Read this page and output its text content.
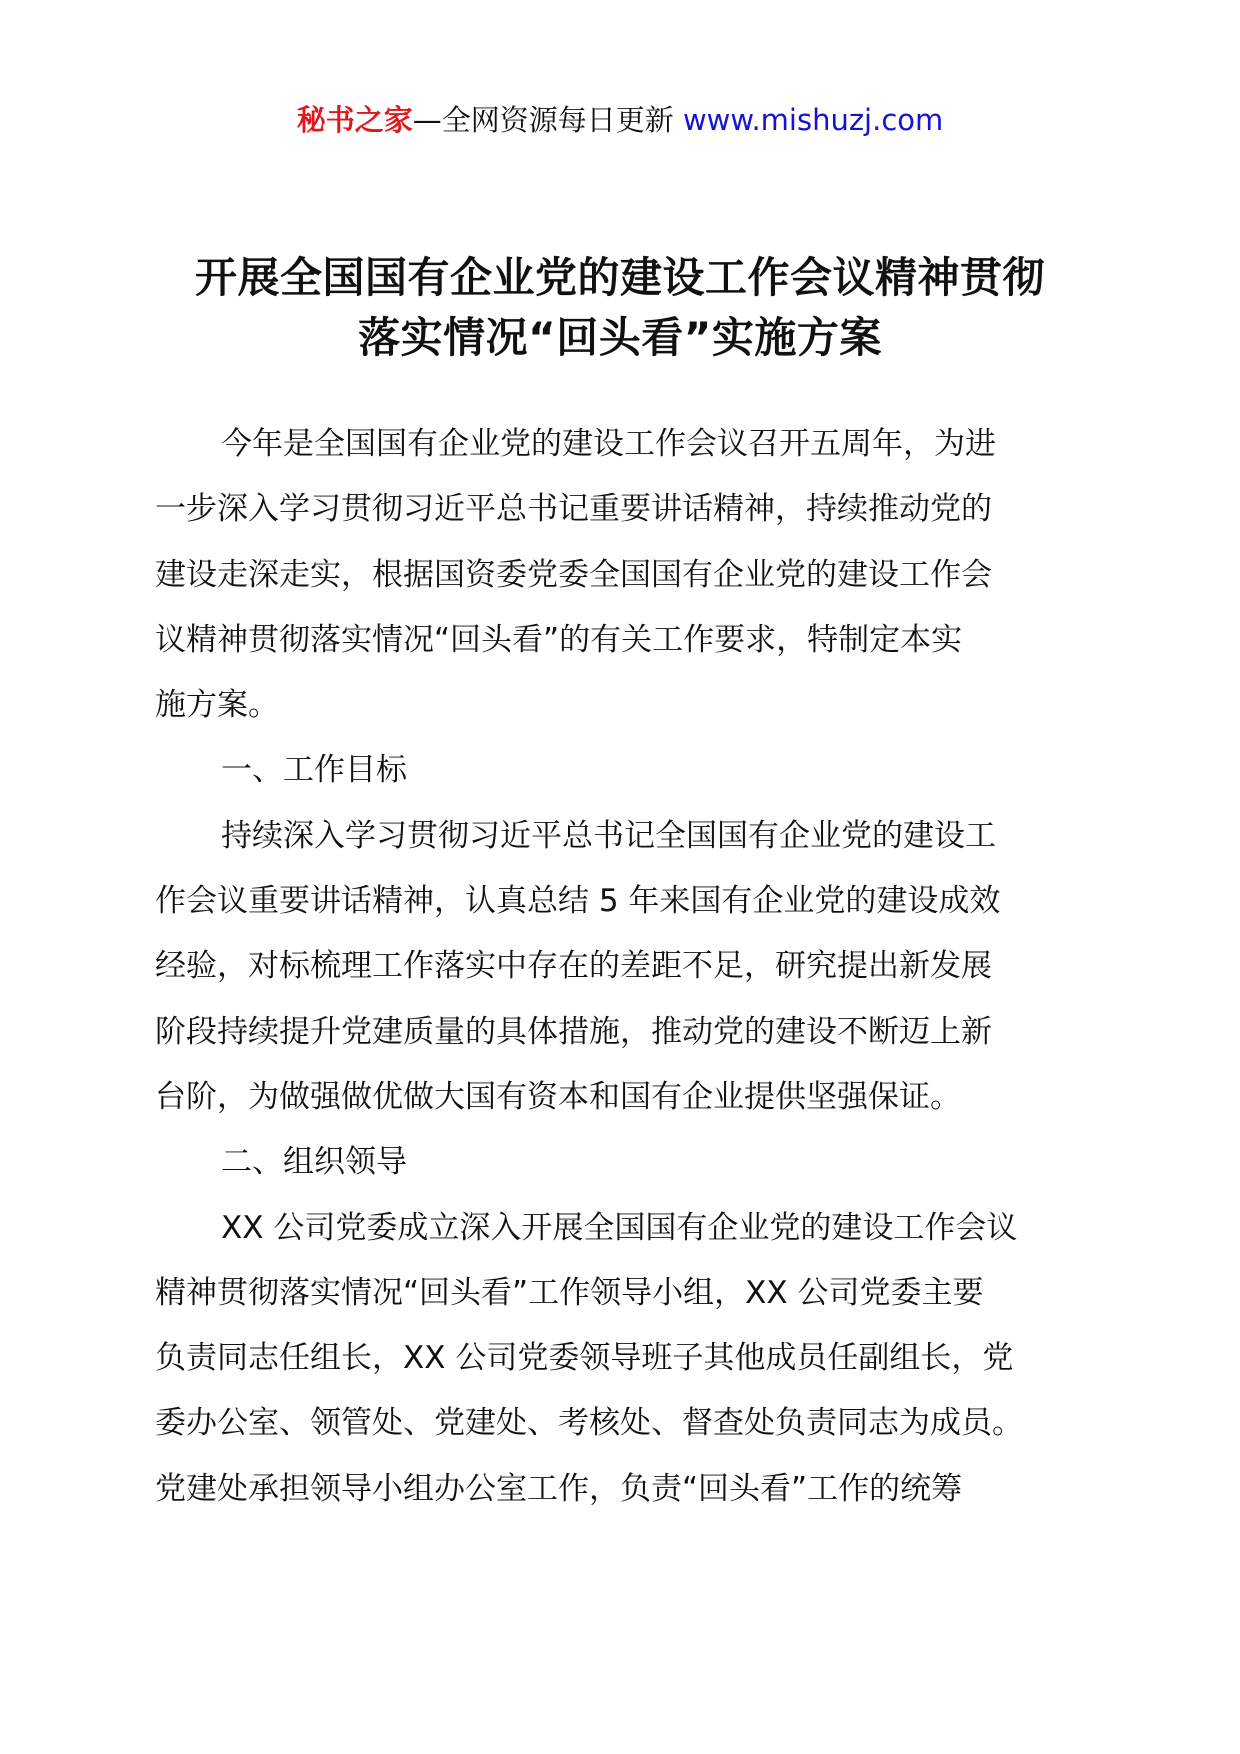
秘书之家—全网资源每日更新 www.mishuzj.com
开展全国国有企业党的建设工作会议精神贯彻
落实情况“回头看”实施方案
今年是全国国有企业党的建设工作会议召开五周年，为进
一步深入学习贯彻习近平总书记重要讲话精神，持续推动党的
建设走深走实，根据国资委党委全国国有企业党的建设工作会
议精神贯彻落实情况“回头看”的有关工作要求，特制定本实
施方案。
一、工作目标
持续深入学习贯彻习近平总书记全国国有企业党的建设工
作会议重要讲话精神，认真总结 5 年来国有企业党的建设成效
经验，对标梳理工作落实中存在的差距不足，研究提出新发展
阶段持续提升党建质量的具体措施，推动党的建设不断迈上新
台阶，为做强做优做大国有资本和国有企业提供坚强保证。
二、组织领导
XX 公司党委成立深入开展全国国有企业党的建设工作会议
精神贯彻落实情况“回头看”工作领导小组，XX 公司党委主要
负责同志任组长，XX 公司党委领导班子其他成员任副组长，党
委办公室、领管处、党建处、考核处、督查处负责同志为成员。
党建处承担领导小组办公室工作，负责“回头看”工作的统筹
